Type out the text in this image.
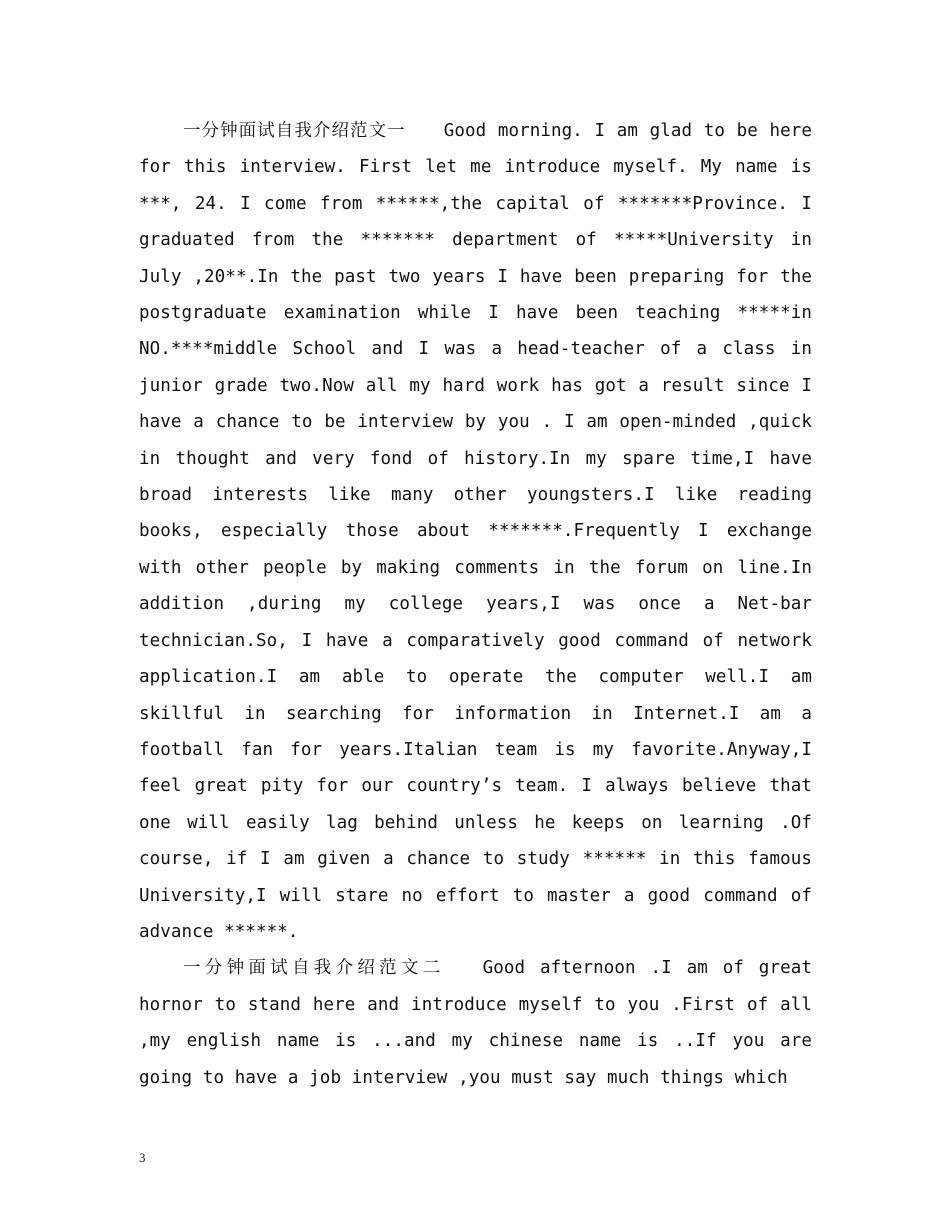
一分钟面试自我介绍范文一 Good morning. I am glad to be here for this interview. First let me introduce myself. My name is ***, 24. I come from ******,the capital of *******Province. I graduated from the ******* department of *****University in July ,20**.In the past two years I have been preparing for the postgraduate examination while I have been teaching *****in NO.****middle School and I was a head-teacher of a class in junior grade two.Now all my hard work has got a result since I have a chance to be interview by you . I am open-minded ,quick in thought and very fond of history.In my spare time,I have broad interests like many other youngsters.I like reading books, especially those about *******.Frequently I exchange with other people by making comments in the forum on line.In addition ,during my college years,I was once a Net-bar technician.So, I have a comparatively good command of network application.I am able to operate the computer well.I am skillful in searching for information in Internet.I am a football fan for years.Italian team is my favorite.Anyway,I feel great pity for our country’s team. I always believe that one will easily lag behind unless he keeps on learning .Of course, if I am given a chance to study ****** in this famous University,I will stare no effort to master a good command of advance ******.

一分钟面试自我介绍范文二 Good afternoon .I am of great hornor to stand here and introduce myself to you .First of all ,my english name is ...and my chinese name is ..If you are going to have a job interview ,you must say much things which

3
